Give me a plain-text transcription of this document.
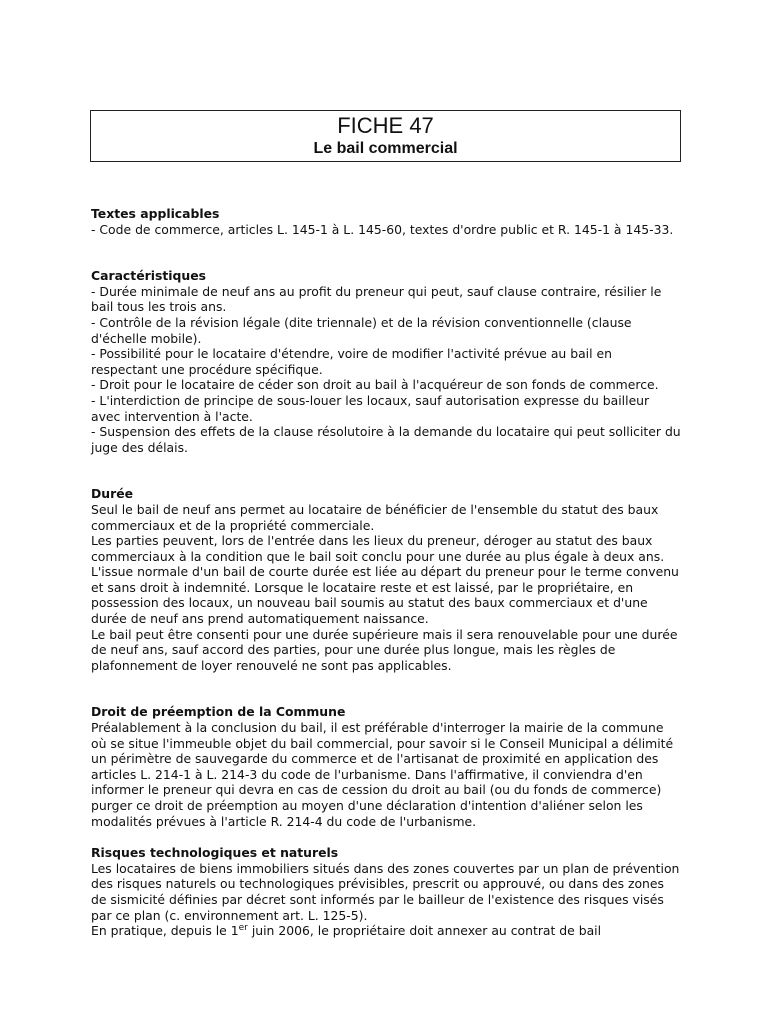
FICHE 47
Le bail commercial
Textes applicables

- Code de commerce, articles L. 145-1 à L. 145-60, textes d'ordre public et R. 145-1 à 145-33.

Caractéristiques

- Durée minimale de neuf ans au profit du preneur qui peut, sauf clause contraire, résilier le bail tous les trois ans.

- Contrôle de la révision légale (dite triennale) et de la révision conventionnelle (clause d'échelle mobile).

- Possibilité pour le locataire d'étendre, voire de modifier l'activité prévue au bail en respectant une procédure spécifique.

- Droit pour le locataire de céder son droit au bail à l'acquéreur de son fonds de commerce.

- L'interdiction de principe de sous-louer les locaux, sauf autorisation expresse du bailleur avec intervention à l'acte.

- Suspension des effets de la clause résolutoire à la demande du locataire qui peut solliciter du juge des délais.

Durée

Seul le bail de neuf ans permet au locataire de bénéficier de l'ensemble du statut des baux commerciaux et de la propriété commerciale.

Les parties peuvent, lors de l'entrée dans les lieux du preneur, déroger au statut des baux commerciaux à la condition que le bail soit conclu pour une durée au plus égale à deux ans. L'issue normale d'un bail de courte durée est liée au départ du preneur pour le terme convenu et sans droit à indemnité. Lorsque le locataire reste et est laissé, par le propriétaire, en possession des locaux, un nouveau bail soumis au statut des baux commerciaux et d'une durée de neuf ans prend automatiquement naissance.

Le bail peut être consenti pour une durée supérieure mais il sera renouvelable pour une durée de neuf ans, sauf accord des parties, pour une durée plus longue, mais les règles de plafonnement de loyer renouvelé ne sont pas applicables.

Droit de préemption de la Commune

Préalablement à la conclusion du bail, il est préférable d'interroger la mairie de la commune où se situe l'immeuble objet du bail commercial, pour savoir si le Conseil Municipal a délimité un périmètre de sauvegarde du commerce et de l'artisanat de proximité en application des articles L. 214-1 à L. 214-3 du code de l'urbanisme. Dans l'affirmative, il conviendra d'en informer le preneur qui devra en cas de cession du droit au bail (ou du fonds de commerce) purger ce droit de préemption au moyen d'une déclaration d'intention d'aliéner selon les modalités prévues à l'article R. 214-4 du code de l'urbanisme.

Risques technologiques et naturels

Les locataires de biens immobiliers situés dans des zones couvertes par un plan de prévention des risques naturels ou technologiques prévisibles, prescrit ou approuvé, ou dans des zones de sismicité définies par décret sont informés par le bailleur de l'existence des risques visés par ce plan (c. environnement art. L. 125-5).

En pratique, depuis le 1er juin 2006, le propriétaire doit annexer au contrat de bail
